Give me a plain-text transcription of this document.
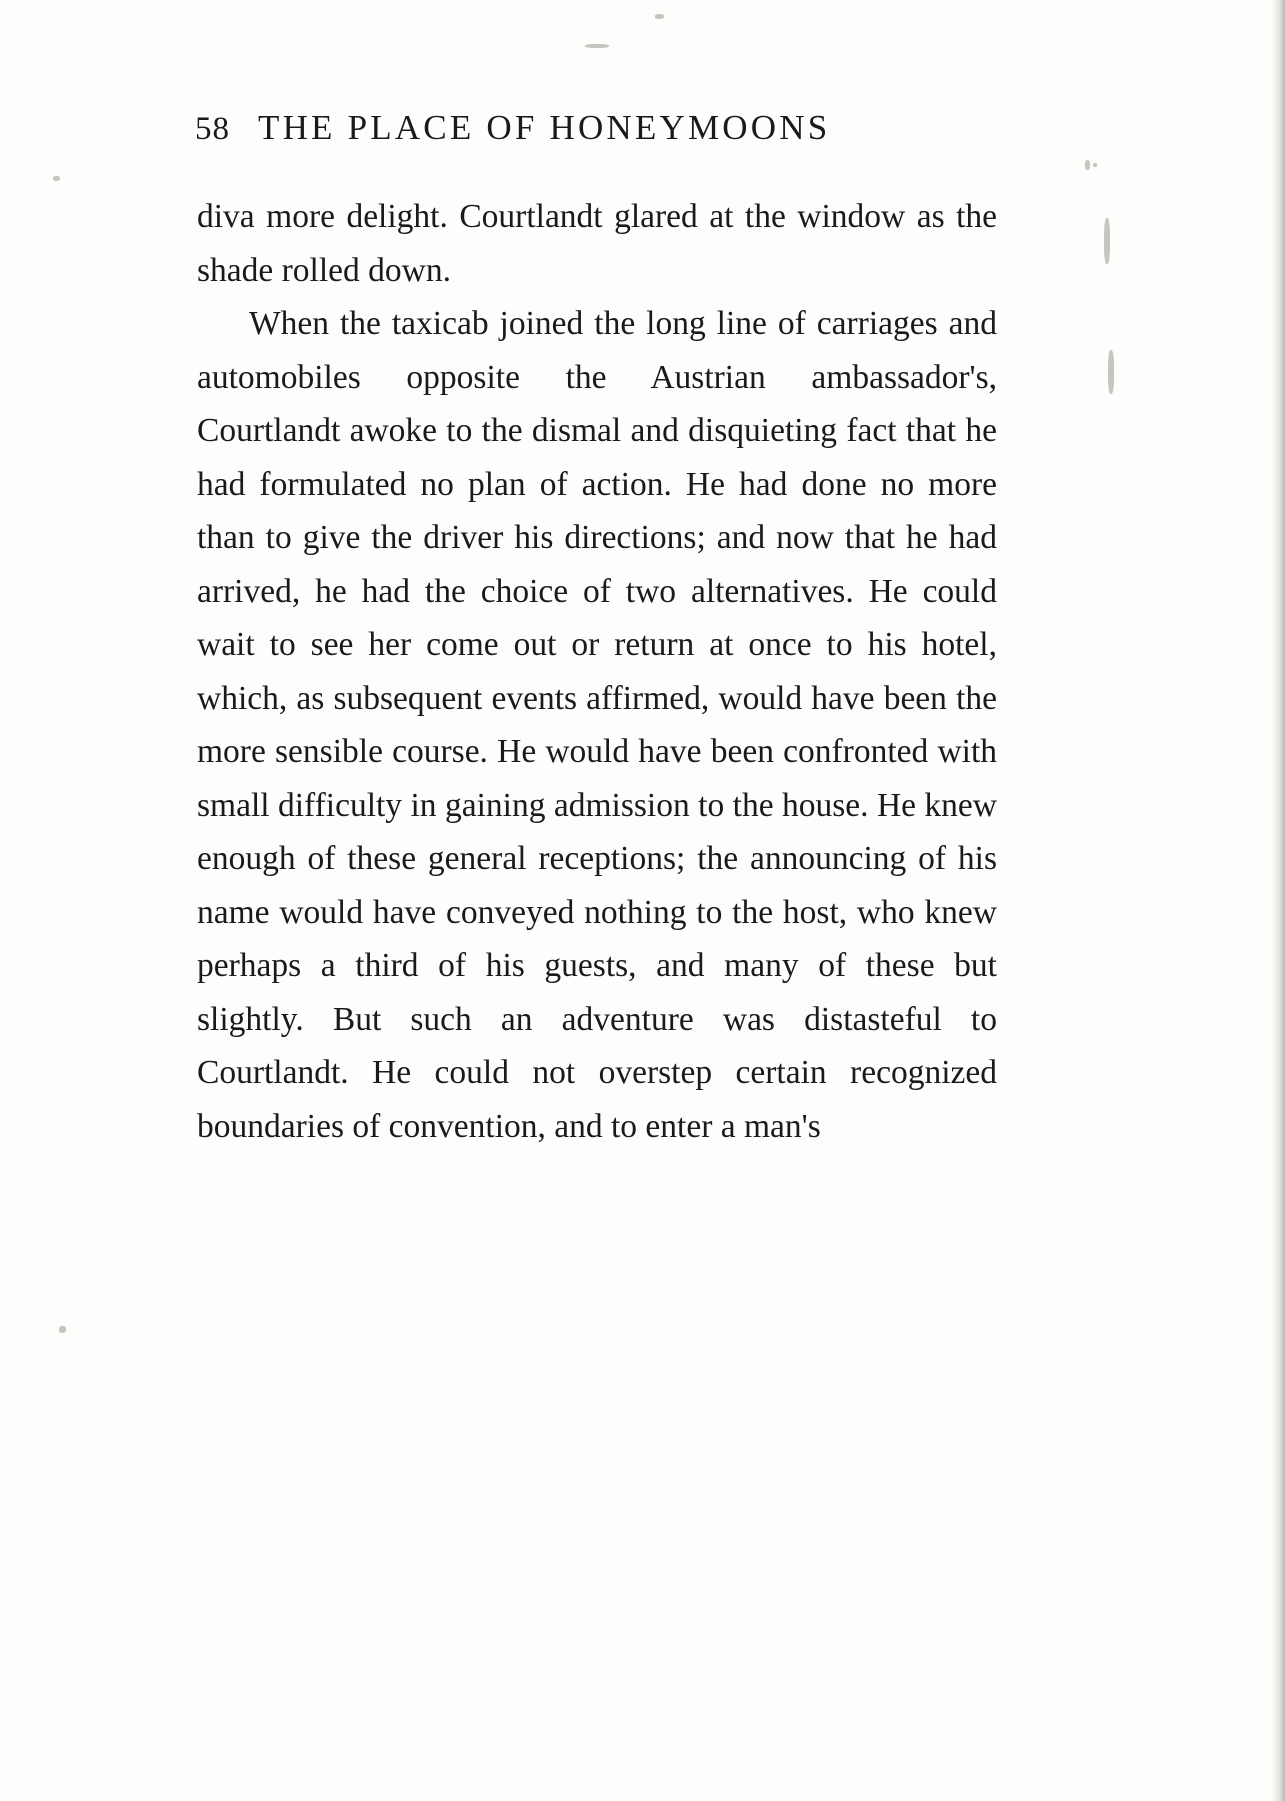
58 THE PLACE OF HONEYMOONS

diva more delight. Courtlandt glared at the window as the shade rolled down.

When the taxicab joined the long line of carriages and automobiles opposite the Austrian ambassador's, Courtlandt awoke to the dismal and disquieting fact that he had formulated no plan of action. He had done no more than to give the driver his directions; and now that he had arrived, he had the choice of two alternatives. He could wait to see her come out or return at once to his hotel, which, as subsequent events affirmed, would have been the more sensible course. He would have been confronted with small difficulty in gaining admission to the house. He knew enough of these general receptions; the announcing of his name would have conveyed nothing to the host, who knew perhaps a third of his guests, and many of these but slightly. But such an adventure was distasteful to Courtlandt. He could not overstep certain recognized boundaries of convention, and to enter a man's
